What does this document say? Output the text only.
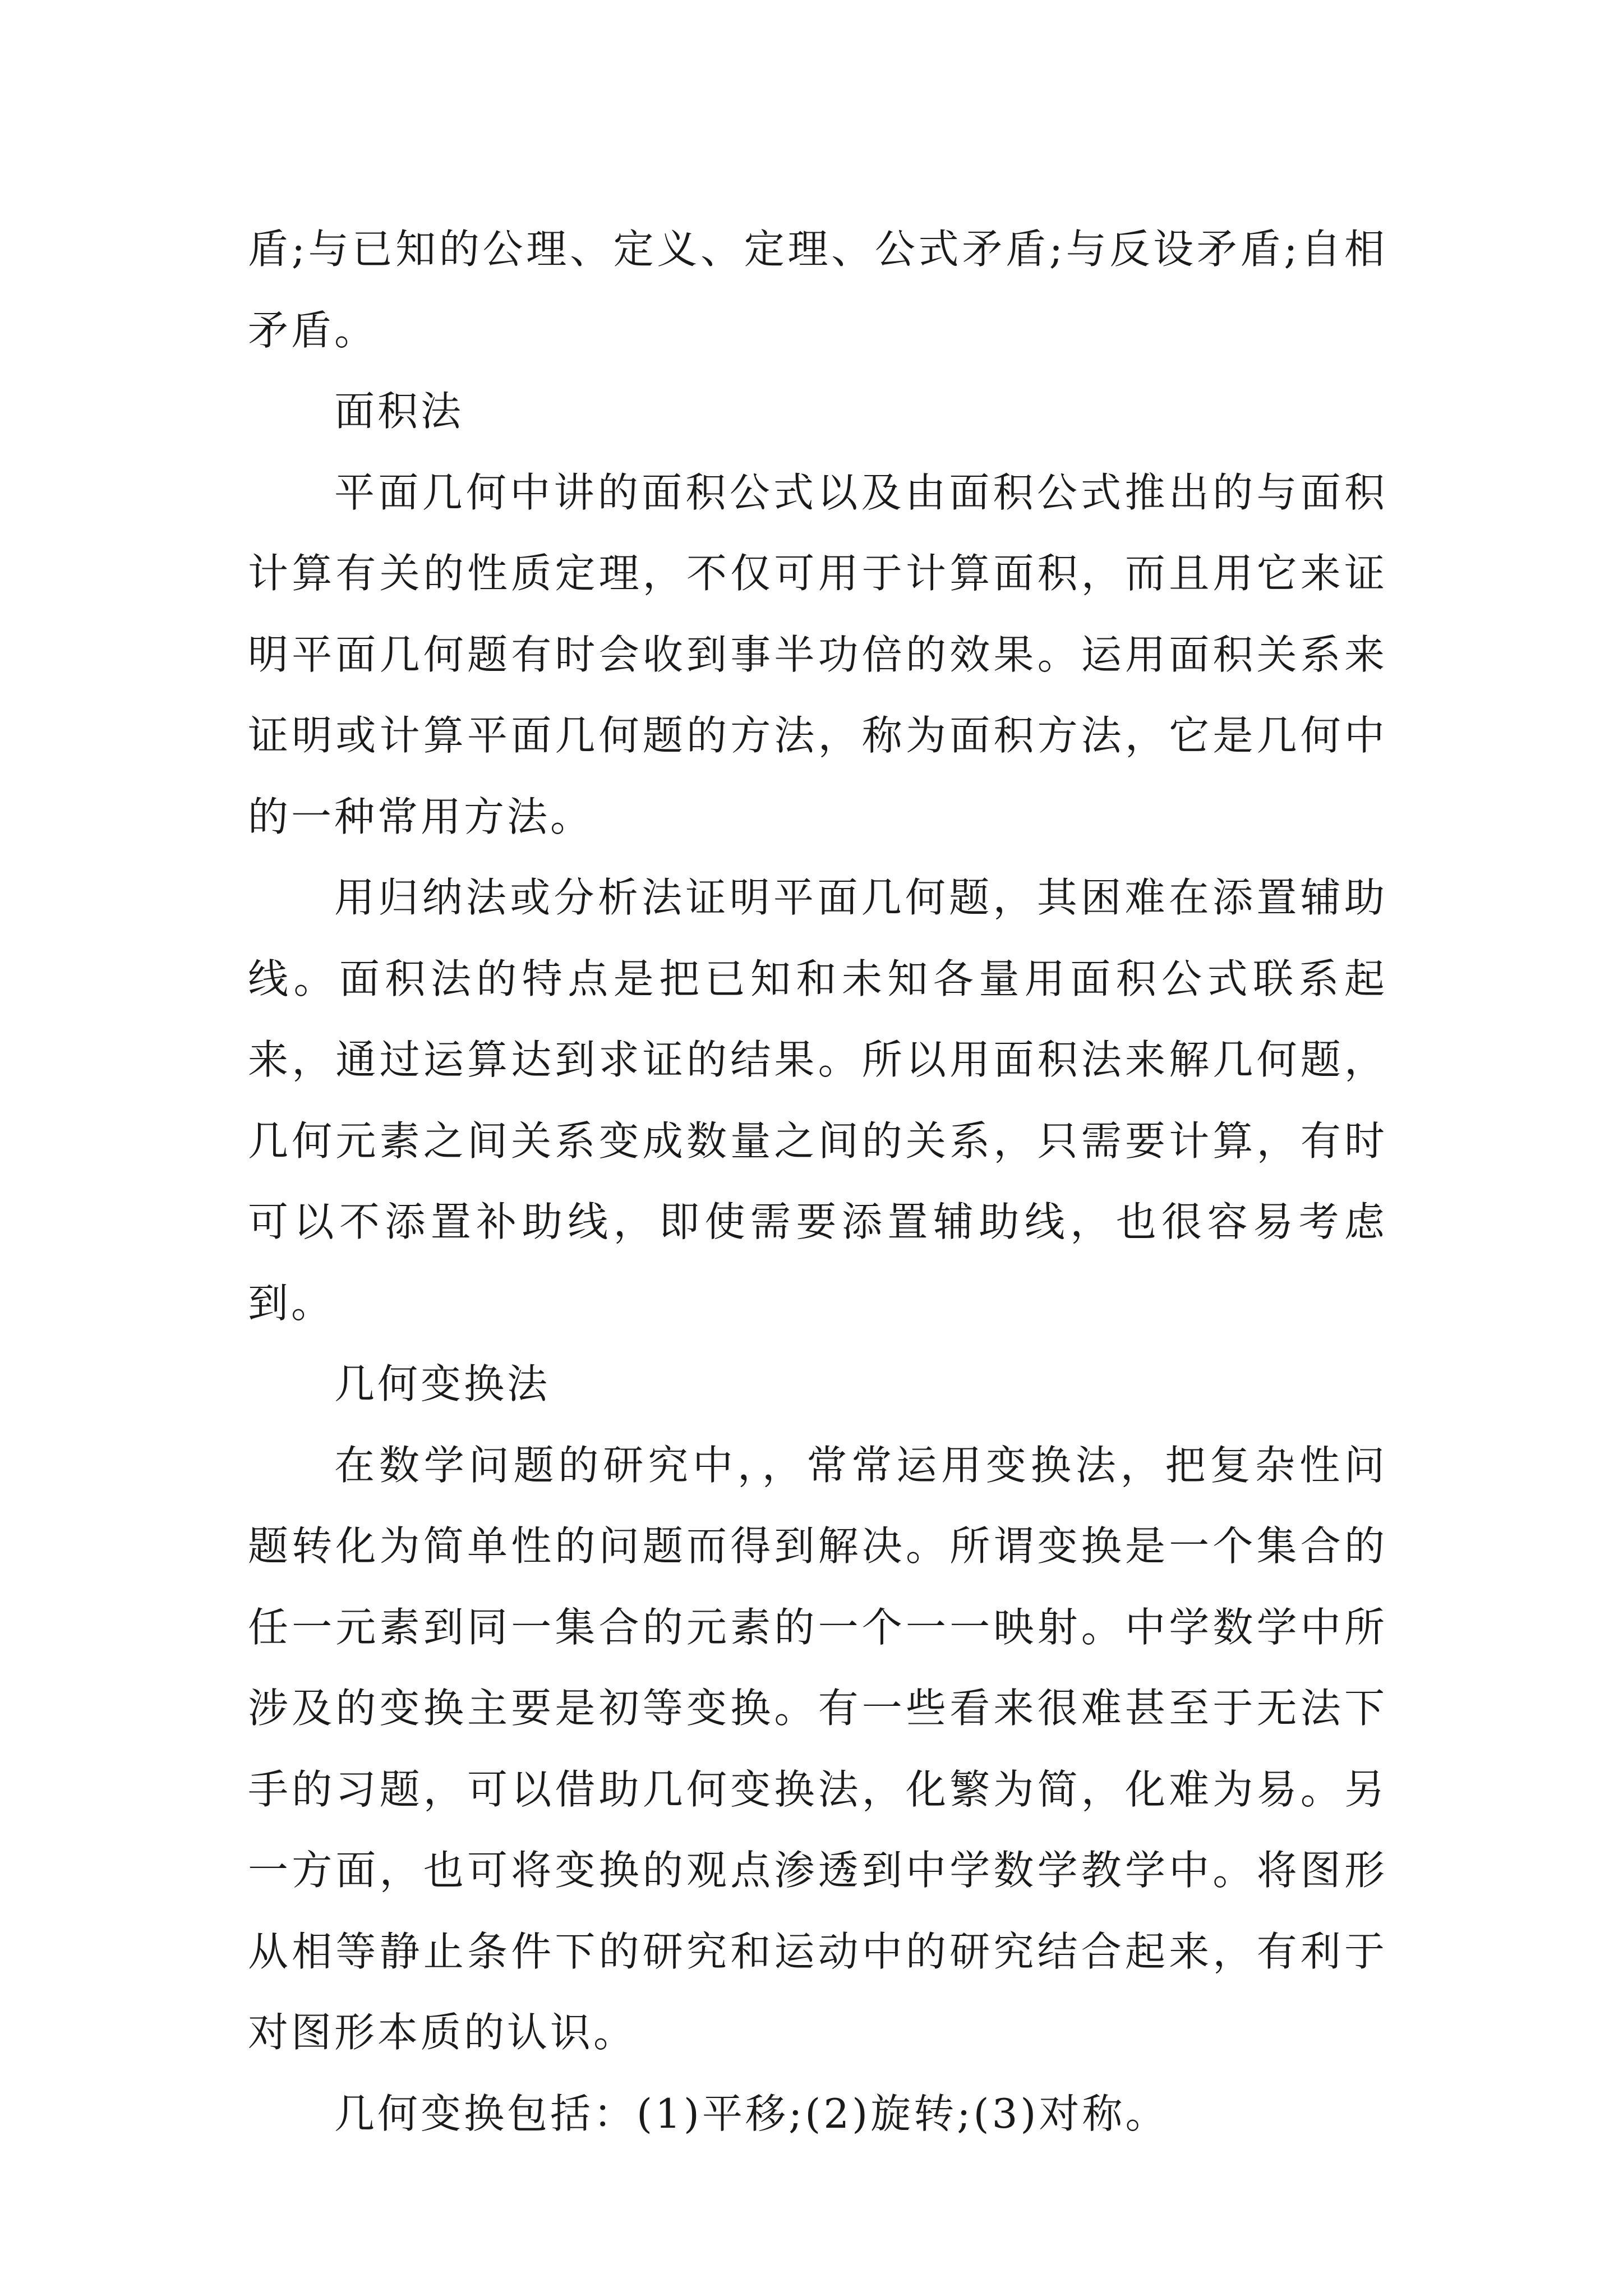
盾;与已知的公理、定义、定理、公式矛盾;与反设矛盾;自相矛盾。

面积法

平面几何中讲的面积公式以及由面积公式推出的与面积计算有关的性质定理，不仅可用于计算面积，而且用它来证明平面几何题有时会收到事半功倍的效果。运用面积关系来证明或计算平面几何题的方法，称为面积方法，它是几何中的一种常用方法。

用归纳法或分析法证明平面几何题，其困难在添置辅助线。面积法的特点是把已知和未知各量用面积公式联系起来，通过运算达到求证的结果。所以用面积法来解几何题，几何元素之间关系变成数量之间的关系，只需要计算，有时可以不添置补助线，即使需要添置辅助线，也很容易考虑到。

几何变换法

在数学问题的研究中，，常常运用变换法，把复杂性问题转化为简单性的问题而得到解决。所谓变换是一个集合的任一元素到同一集合的元素的一个一一映射。中学数学中所涉及的变换主要是初等变换。有一些看来很难甚至于无法下手的习题，可以借助几何变换法，化繁为简，化难为易。另一方面，也可将变换的观点渗透到中学数学教学中。将图形从相等静止条件下的研究和运动中的研究结合起来，有利于对图形本质的认识。

几何变换包括：(1)平移;(2)旋转;(3)对称。
